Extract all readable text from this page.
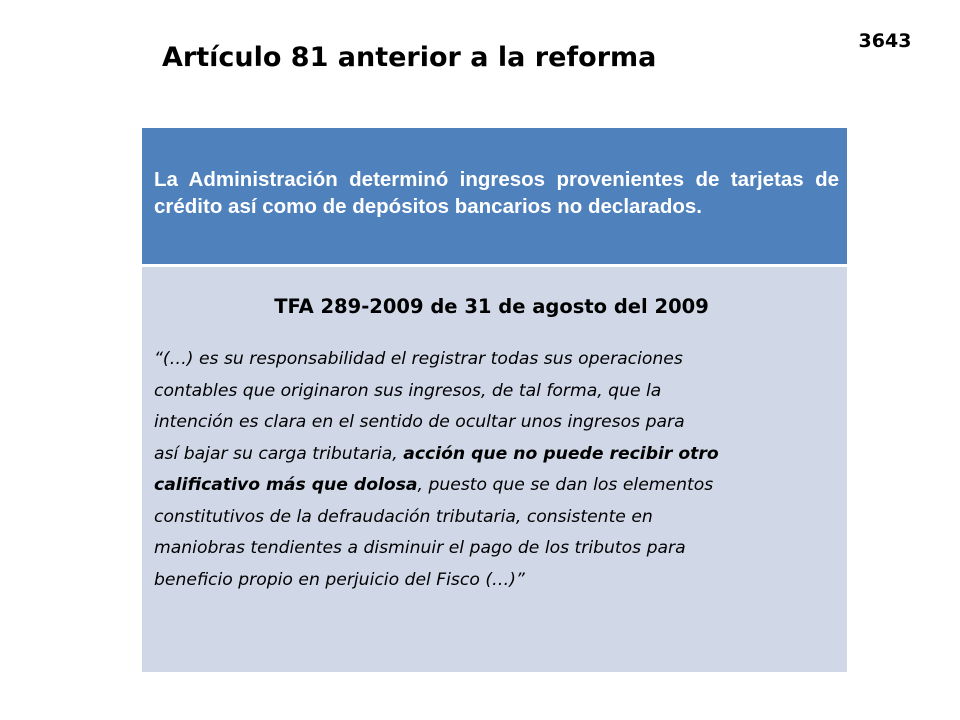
3643
Artículo 81 anterior a la reforma

La Administración determinó ingresos provenientes de tarjetas de crédito así como de depósitos bancarios no declarados.

TFA 289-2009 de 31 de agosto del 2009

“(…) es su responsabilidad el registrar todas sus operaciones
contables que originaron sus ingresos, de tal forma, que la
intención es clara en el sentido de ocultar unos ingresos para
así bajar su carga tributaria, acción que no puede recibir otro
calificativo más que dolosa, puesto que se dan los elementos
constitutivos de la defraudación tributaria, consistente en
maniobras tendientes a disminuir el pago de los tributos para
beneficio propio en perjuicio del Fisco (…)”
